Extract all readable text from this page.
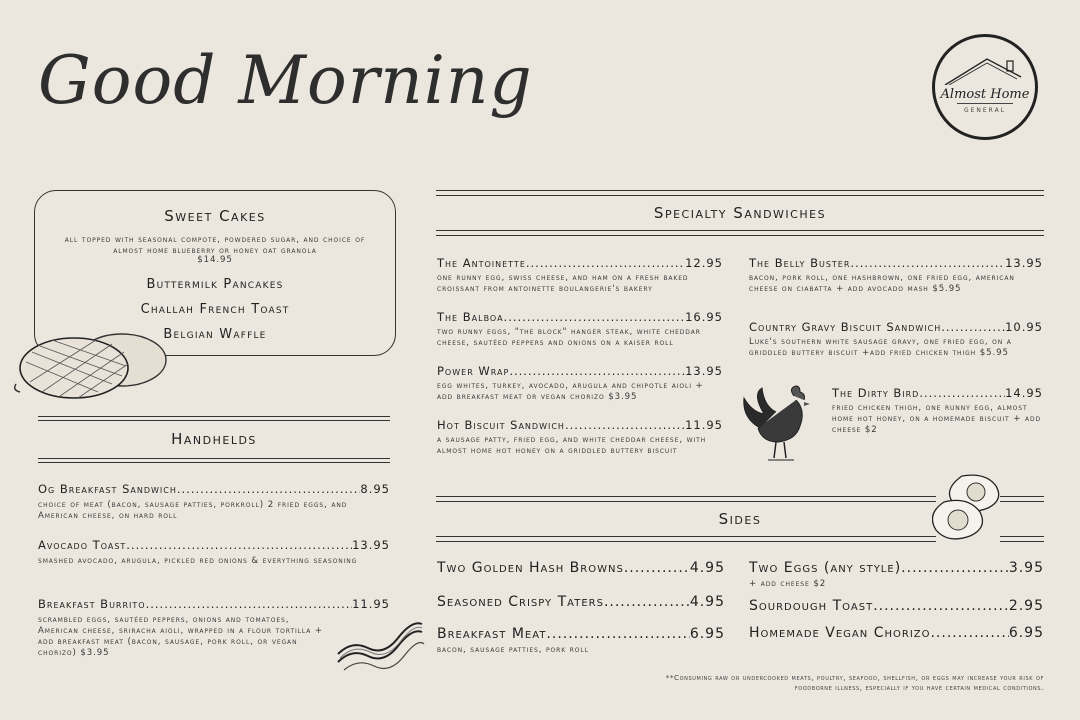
Good Morning	Almost Home
GENERAL
Sweet Cakes
all topped with seasonal compote, powdered sugar, and choice of almost home blueberry or honey oat granola
$14.95
Buttermilk Pancakes
Challah French Toast
Belgian Waffle
Handhelds
Og Breakfast Sandwich .....	8.95
choice of meat (bacon, sausage patties, porkroll) 2 fried eggs, and American cheese, on hard roll
Avocado Toast .....	13.95
smashed avocado, arugula, pickled red onions & everything seasoning
Breakfast Burrito .....	11.95
scrambled eggs, sautéed peppers, onions and tomatoes, American cheese, sriracha aioli, wrapped in a flour tortilla + add breakfast meat (bacon, sausage, pork roll, or vegan chorizo) $3.95
Specialty Sandwiches
The Antoinette .....	12.95
one runny egg, swiss cheese, and ham on a fresh baked croissant from antoinette boulangerie's bakery
The Balboa .....	16.95
two runny eggs, "the block" hanger steak, white cheddar cheese, sautéed peppers and onions on a kaiser roll
Power Wrap .....	13.95
egg whites, turkey, avocado, arugula and chipotle aioli + add breakfast meat or vegan chorizo $3.95
Hot Biscuit Sandwich .....	11.95
a sausage patty, fried egg, and white cheddar cheese, with almost home hot honey on a griddled buttery biscuit
The Belly Buster .....	13.95
bacon, pork roll, one hashbrown, one fried egg, american cheese on ciabatta + add avocado mash $5.95
Country Gravy Biscuit Sandwich .....	10.95
Luke's southern white sausage gravy, one fried egg, on a griddled buttery biscuit +add fried chicken thigh $5.95
The Dirty Bird .....	14.95
fried chicken thigh, one runny egg, almost home hot honey, on a homemade biscuit + add cheese $2
Sides
Two Golden Hash Browns .....	4.95
Seasoned Crispy Taters .....	4.95
Breakfast Meat .....	6.95
bacon, sausage patties, pork roll
Two Eggs (any style) .....	3.95
+ add cheese $2
Sourdough Toast .....	2.95
Homemade Vegan Chorizo .....	6.95
**Consuming raw or undercooked meats, poultry, seafood, shellfish, or eggs may increase your risk of foodborne illness, especially if you have certain medical conditions.
